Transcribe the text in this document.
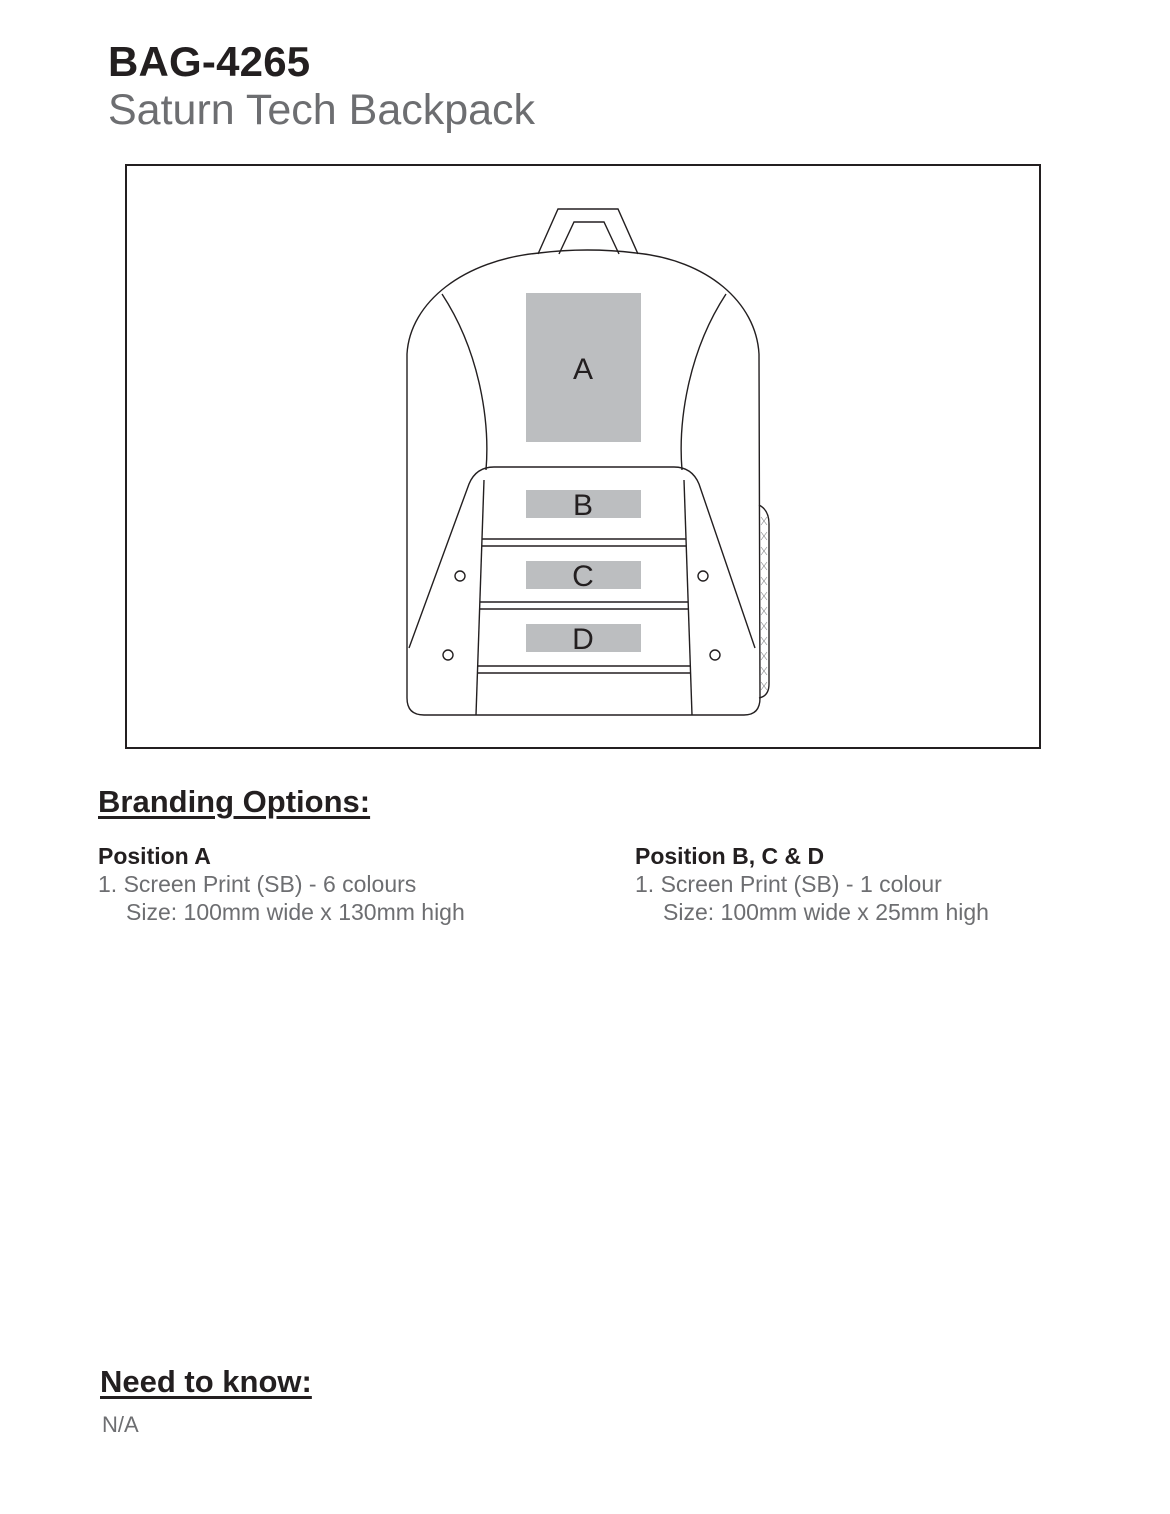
BAG-4265
Saturn Tech Backpack
A
B
C
D
Branding Options:
Position A
1. Screen Print (SB) - 6 colours
Size: 100mm wide x 130mm high
Position B, C & D
1. Screen Print (SB) - 1 colour
Size: 100mm wide x 25mm high
Need to know:
N/A
